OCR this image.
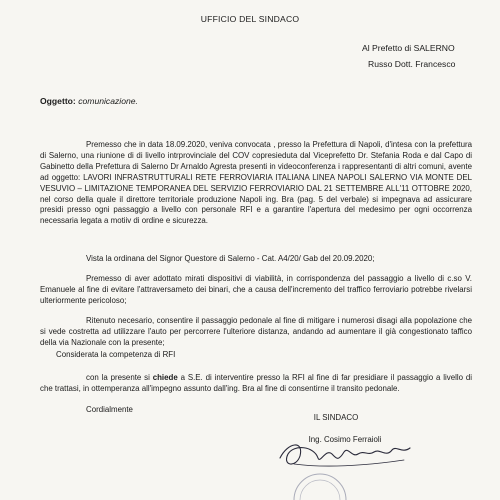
UFFICIO DEL SINDACO
Al Prefetto di SALERNO
Russo Dott. Francesco
Oggetto: comunicazione.
Premesso che in data 18.09.2020, veniva convocata , presso la Prefettura di Napoli, d'intesa con la prefettura di Salerno, una riunione di di livello intrprovinciale del COV copresieduta dal Viceprefetto Dr. Stefania Roda e dal Capo di Gabinetto della Prefettura di Salerno Dr Arnaldo Agresta presenti in videoconferenza i rappresentanti di altri comuni, avente ad oggetto: LAVORI INFRASTRUTTURALI RETE FERROVIARIA ITALIANA LINEA NAPOLI SALERNO VIA MONTE DEL VESUVIO – LIMITAZIONE TEMPORANEA DEL SERVIZIO FERROVIARIO DAL 21 SETTEMBRE ALL'11 OTTOBRE 2020, nel corso della quale il direttore territoriale produzione Napoli ing. Bra (pag. 5 del verbale) si impegnava ad assicurare presidi presso ogni passaggio a livello con personale RFI e a garantire l'apertura del medesimo per ogni occorrenza necessaria legata a motiiv di ordine e sicurezza.
Vista la ordinana del Signor Questore di Salerno - Cat. A4/20/ Gab del 20.09.2020;
Premesso di aver adottato mirati dispositivi di viabilità, in corrispondenza del passaggio a livello di c.so V. Emanuele al fine di evitare l'attraversameto dei binari, che a causa dell'incremento del traffico ferroviario potrebbe rivelarsi ulteriormente pericoloso;
Ritenuto necesario, consentire il passaggio pedonale al fine di mitigare i numerosi disagi alla popolazione che si vede costretta ad utilizzare l'auto per percorrere l'ulteriore distanza, andando ad aumentare il già congestionato taffico della via Nazionale con la presente;
Considerata la competenza di RFI
con la presente si chiede a S.E. di interventire presso la RFI al fine di far presidiare il passaggio a livello di che trattasi, in ottemperanza all'impegno assunto dall'ing. Bra al fine di consentirne il transito pedonale.
Cordialmente
IL SINDACO
Ing. Cosimo Ferraioli
